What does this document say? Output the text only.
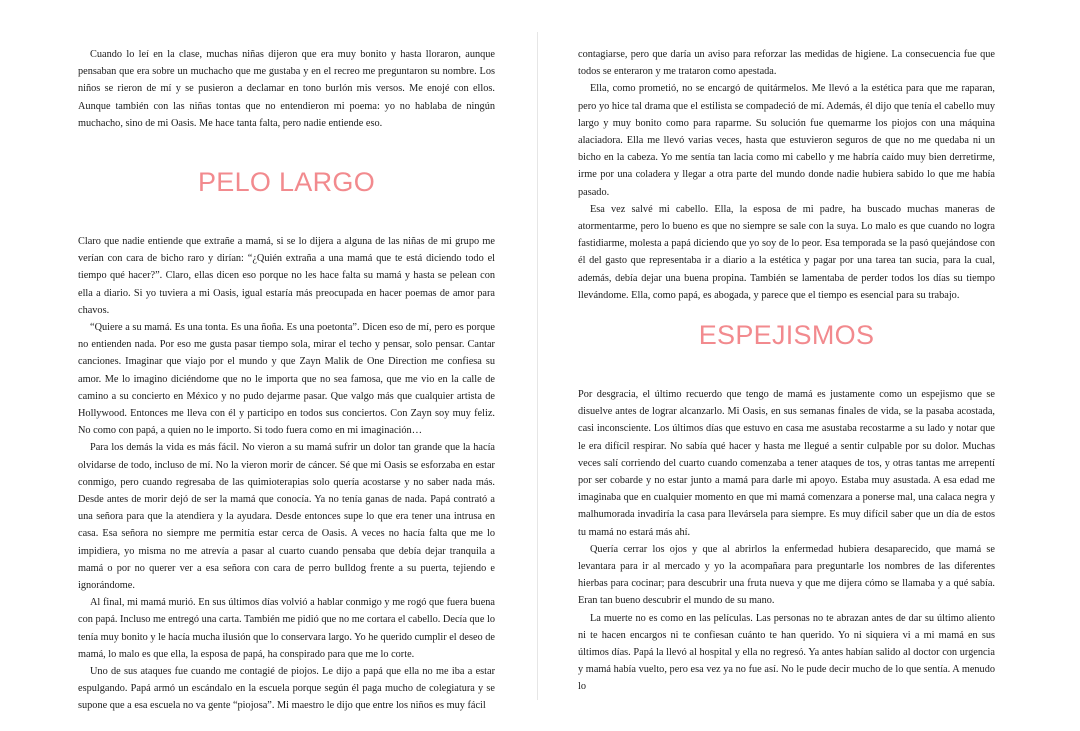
Cuando lo leí en la clase, muchas niñas dijeron que era muy bonito y hasta lloraron, aunque pensaban que era sobre un muchacho que me gustaba y en el recreo me preguntaron su nombre. Los niños se rieron de mí y se pusieron a declamar en tono burlón mis versos. Me enojé con ellos. Aunque también con las niñas tontas que no entendieron mi poema: yo no hablaba de ningún muchacho, sino de mi Oasis. Me hace tanta falta, pero nadie entiende eso.

PELO LARGO

Claro que nadie entiende que extrañe a mamá, si se lo dijera a alguna de las niñas de mi grupo me verían con cara de bicho raro y dirían: “¿Quién extraña a una mamá que te está diciendo todo el tiempo qué hacer?”. Claro, ellas dicen eso porque no les hace falta su mamá y hasta se pelean con ella a diario. Si yo tuviera a mi Oasis, igual estaría más preocupada en hacer poemas de amor para chavos.

“Quiere a su mamá. Es una tonta. Es una ñoña. Es una poetonta”. Dicen eso de mí, pero es porque no entienden nada. Por eso me gusta pasar tiempo sola, mirar el techo y pensar, solo pensar. Cantar canciones. Imaginar que viajo por el mundo y que Zayn Malik de One Direction me confiesa su amor. Me lo imagino diciéndome que no le importa que no sea famosa, que me vio en la calle de camino a su concierto en México y no pudo dejarme pasar. Que valgo más que cualquier artista de Hollywood. Entonces me lleva con él y participo en todos sus conciertos. Con Zayn soy muy feliz. No como con papá, a quien no le importo. Si todo fuera como en mi imaginación…

Para los demás la vida es más fácil. No vieron a su mamá sufrir un dolor tan grande que la hacía olvidarse de todo, incluso de mí. No la vieron morir de cáncer. Sé que mi Oasis se esforzaba en estar conmigo, pero cuando regresaba de las quimioterapias solo quería acostarse y no saber nada más. Desde antes de morir dejó de ser la mamá que conocía. Ya no tenía ganas de nada. Papá contrató a una señora para que la atendiera y la ayudara. Desde entonces supe lo que era tener una intrusa en casa. Esa señora no siempre me permitía estar cerca de Oasis. A veces no hacía falta que me lo impidiera, yo misma no me atrevía a pasar al cuarto cuando pensaba que debía dejar tranquila a mamá o por no querer ver a esa señora con cara de perro bulldog frente a su puerta, tejiendo e ignorándome.

Al final, mi mamá murió. En sus últimos días volvió a hablar conmigo y me rogó que fuera buena con papá. Incluso me entregó una carta. También me pidió que no me cortara el cabello. Decía que lo tenía muy bonito y le hacía mucha ilusión que lo conservara largo. Yo he querido cumplir el deseo de mamá, lo malo es que ella, la esposa de papá, ha conspirado para que me lo corte.

Uno de sus ataques fue cuando me contagié de piojos. Le dijo a papá que ella no me iba a estar espulgando. Papá armó un escándalo en la escuela porque según él paga mucho de colegiatura y se supone que a esa escuela no va gente “piojosa”. Mi maestro le dijo que entre los niños es muy fácil

contagiarse, pero que daría un aviso para reforzar las medidas de higiene. La consecuencia fue que todos se enteraron y me trataron como apestada.

Ella, como prometió, no se encargó de quitármelos. Me llevó a la estética para que me raparan, pero yo hice tal drama que el estilista se compadeció de mí. Además, él dijo que tenía el cabello muy largo y muy bonito como para raparme. Su solución fue quemarme los piojos con una máquina alaciadora. Ella me llevó varias veces, hasta que estuvieron seguros de que no me quedaba ni un bicho en la cabeza. Yo me sentía tan lacia como mi cabello y me habría caído muy bien derretirme, irme por una coladera y llegar a otra parte del mundo donde nadie hubiera sabido lo que me había pasado.

Esa vez salvé mi cabello. Ella, la esposa de mi padre, ha buscado muchas maneras de atormentarme, pero lo bueno es que no siempre se sale con la suya. Lo malo es que cuando no logra fastidiarme, molesta a papá diciendo que yo soy de lo peor. Esa temporada se la pasó quejándose con él del gasto que representaba ir a diario a la estética y pagar por una tarea tan sucia, para la cual, además, debía dejar una buena propina. También se lamentaba de perder todos los días su tiempo llevándome. Ella, como papá, es abogada, y parece que el tiempo es esencial para su trabajo.

ESPEJISMOS

Por desgracia, el último recuerdo que tengo de mamá es justamente como un espejismo que se disuelve antes de lograr alcanzarlo. Mi Oasis, en sus semanas finales de vida, se la pasaba acostada, casi inconsciente. Los últimos días que estuvo en casa me asustaba recostarme a su lado y notar que le era difícil respirar. No sabía qué hacer y hasta me llegué a sentir culpable por su dolor. Muchas veces salí corriendo del cuarto cuando comenzaba a tener ataques de tos, y otras tantas me arrepentí por ser cobarde y no estar junto a mamá para darle mi apoyo. Estaba muy asustada. A esa edad me imaginaba que en cualquier momento en que mi mamá comenzara a ponerse mal, una calaca negra y malhumorada invadiría la casa para llevársela para siempre. Es muy difícil saber que un día de estos tu mamá no estará más ahí.

Quería cerrar los ojos y que al abrirlos la enfermedad hubiera desaparecido, que mamá se levantara para ir al mercado y yo la acompañara para preguntarle los nombres de las diferentes hierbas para cocinar; para descubrir una fruta nueva y que me dijera cómo se llamaba y a qué sabía. Eran tan bueno descubrir el mundo de su mano.

La muerte no es como en las películas. Las personas no te abrazan antes de dar su último aliento ni te hacen encargos ni te confiesan cuánto te han querido. Yo ni siquiera vi a mi mamá en sus últimos días. Papá la llevó al hospital y ella no regresó. Ya antes habían salido al doctor con urgencia y mamá había vuelto, pero esa vez ya no fue así. No le pude decir mucho de lo que sentía. A menudo lo
